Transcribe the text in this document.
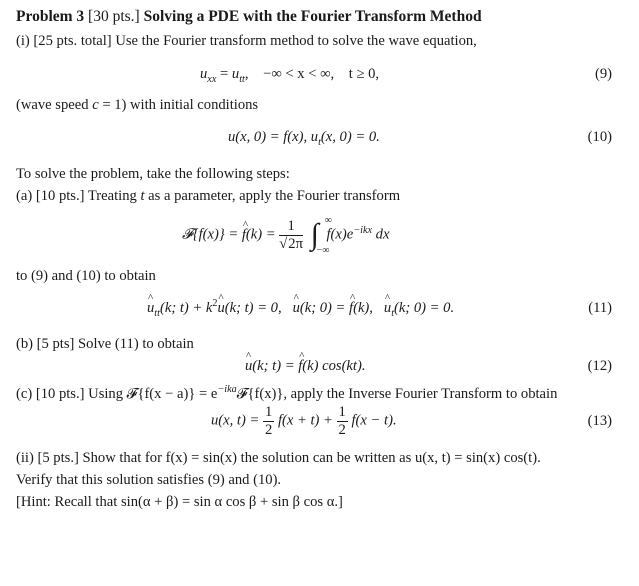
Problem 3 [30 pts.] Solving a PDE with the Fourier Transform Method
(i) [25 pts. total] Use the Fourier transform method to solve the wave equation,
$u_{xx} = u_{tt}$,    −∞ < x < ∞,    t ≥ 0,	(9)
(wave speed c = 1) with initial conditions
u(x, 0) = f(x), $u_t(x$, 0) = 0.	(10)
To solve the problem, take the following steps:
(a) [10 pts.] Treating t as a parameter, apply the Fourier transform
𝓕{f(x)} = ^ $f(k) = \frac{1}{√2\pi}$ ∫ ∞
−∞
$f(x)e^{-ikx}$ dx
to (9) and (10) to obtain
^ $u_{tt}(k$; $t) + k^2\^{}$ u(k; t) = 0,   ^ u(k; 0) = ^ f(k),   ^ $u_t(k$; 0) = 0.	(11)
(b) [5 pts] Solve (11) to obtain
^ u(k; t) = ^ f(k) cos(kt).	(12)
(c) [10 pts.] Using 𝓕{f(x − $a)\} = e^{-ika}𝓕\{f(x)\}$, apply the Inverse Fourier Transform to obtain
u(x, $t) = \frac{1}{2} f(x + t) + \frac{1}{2} f(x - t)$.	(13)
(ii) [5 pts.] Show that for f(x) = sin(x) the solution can be written as u(x, t) = sin(x) cos(t).
Verify that this solution satisfies (9) and (10).
[Hint: Recall that sin(α + β) = sin α cos β + sin β cos α.]
